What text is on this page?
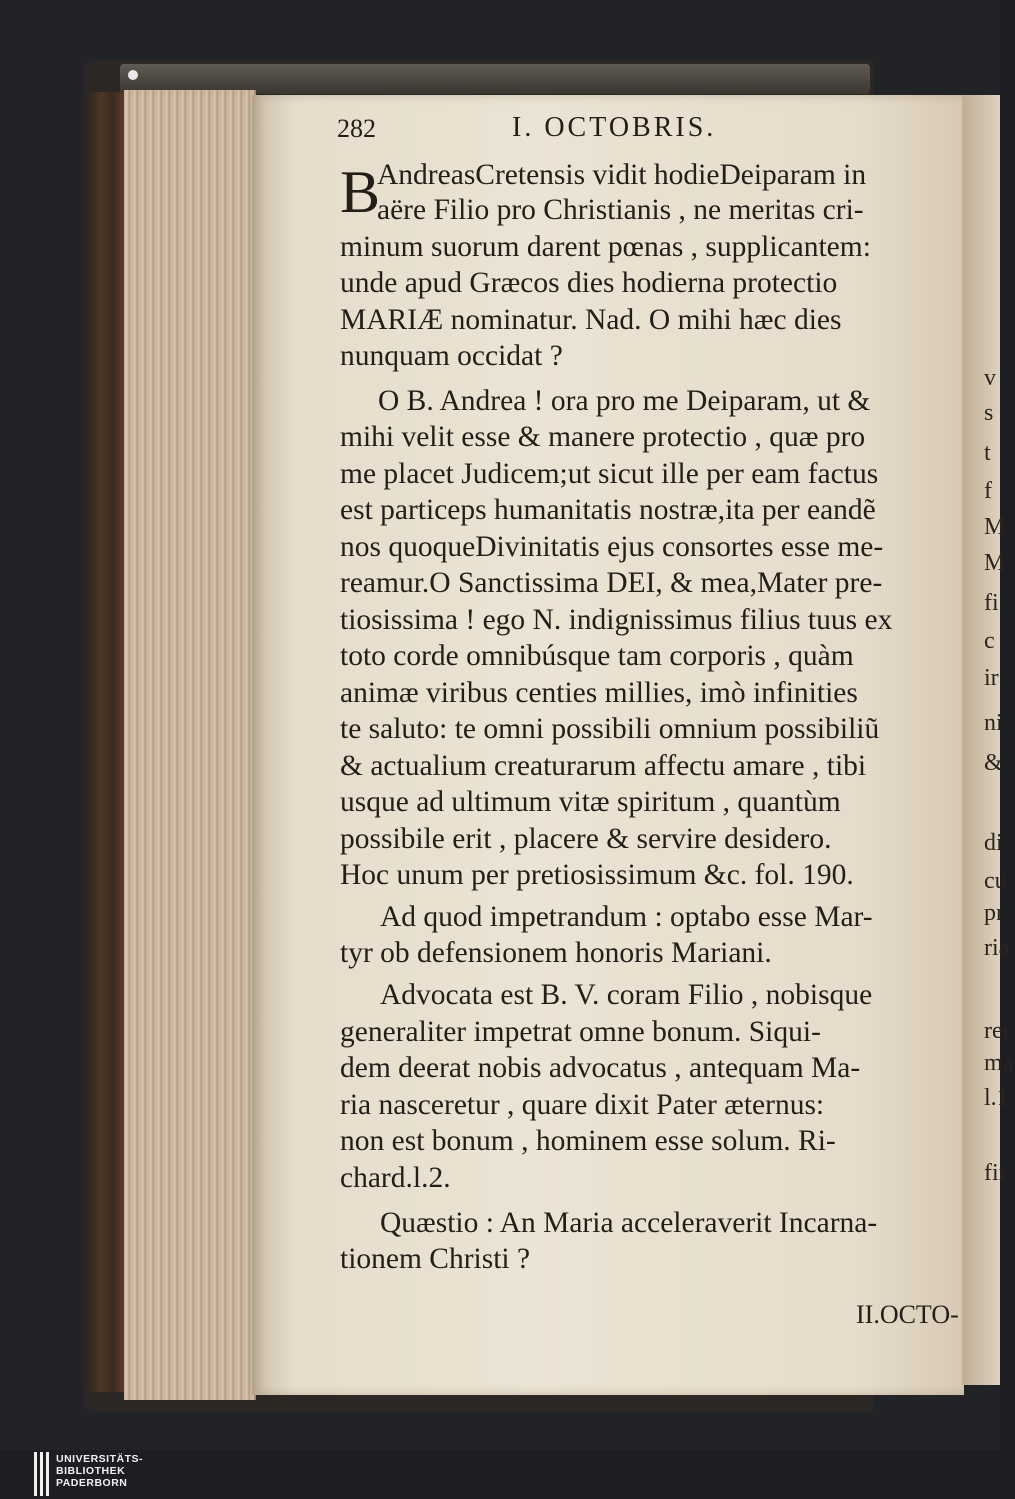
v
s
t
f
M
M
fi
c
ir
ni
&
di
cu
pr
ria
rei
ma
l.1.
fir
282	I. OCTOBRIS.
B
AndreasCretensis vidit hodieDeiparam in
aëre Filio pro Christianis , ne meritas cri-
minum suorum darent pœnas , supplicantem:
unde apud Græcos dies hodierna protectio
MARIÆ nominatur. Nad. O mihi hæc dies
nunquam occidat ?
O B. Andrea ! ora pro me Deiparam, ut &
mihi velit esse & manere protectio , quæ pro
me placet Judicem;ut sicut ille per eam factus
est particeps humanitatis nostræ,ita per eandẽ
nos quoqueDivinitatis ejus consortes esse me-
reamur.O Sanctissima DEI, & mea,Mater pre-
tiosissima ! ego N. indignissimus filius tuus ex
toto corde omnibúsque tam corporis , quàm
animæ viribus centies millies, imò infinities
te saluto: te omni possibili omnium possibiliũ
& actualium creaturarum affectu amare , tibi
usque ad ultimum vitæ spiritum , quantùm
possibile erit , placere & servire desidero.
Hoc unum per pretiosissimum &c. fol. 190.
Ad quod impetrandum : optabo esse Mar-
tyr ob defensionem honoris Mariani.
Advocata est B. V. coram Filio , nobisque
generaliter impetrat omne bonum. Siqui-
dem deerat nobis advocatus , antequam Ma-
ria nasceretur , quare dixit Pater æternus:
non est bonum , hominem esse solum. Ri-
chard.l.2.
Quæstio : An Maria acceleraverit Incarna-
tionem Christi ?
II.OCTO-
UNIVERSITÄTS-
BIBLIOTHEK
PADERBORN
